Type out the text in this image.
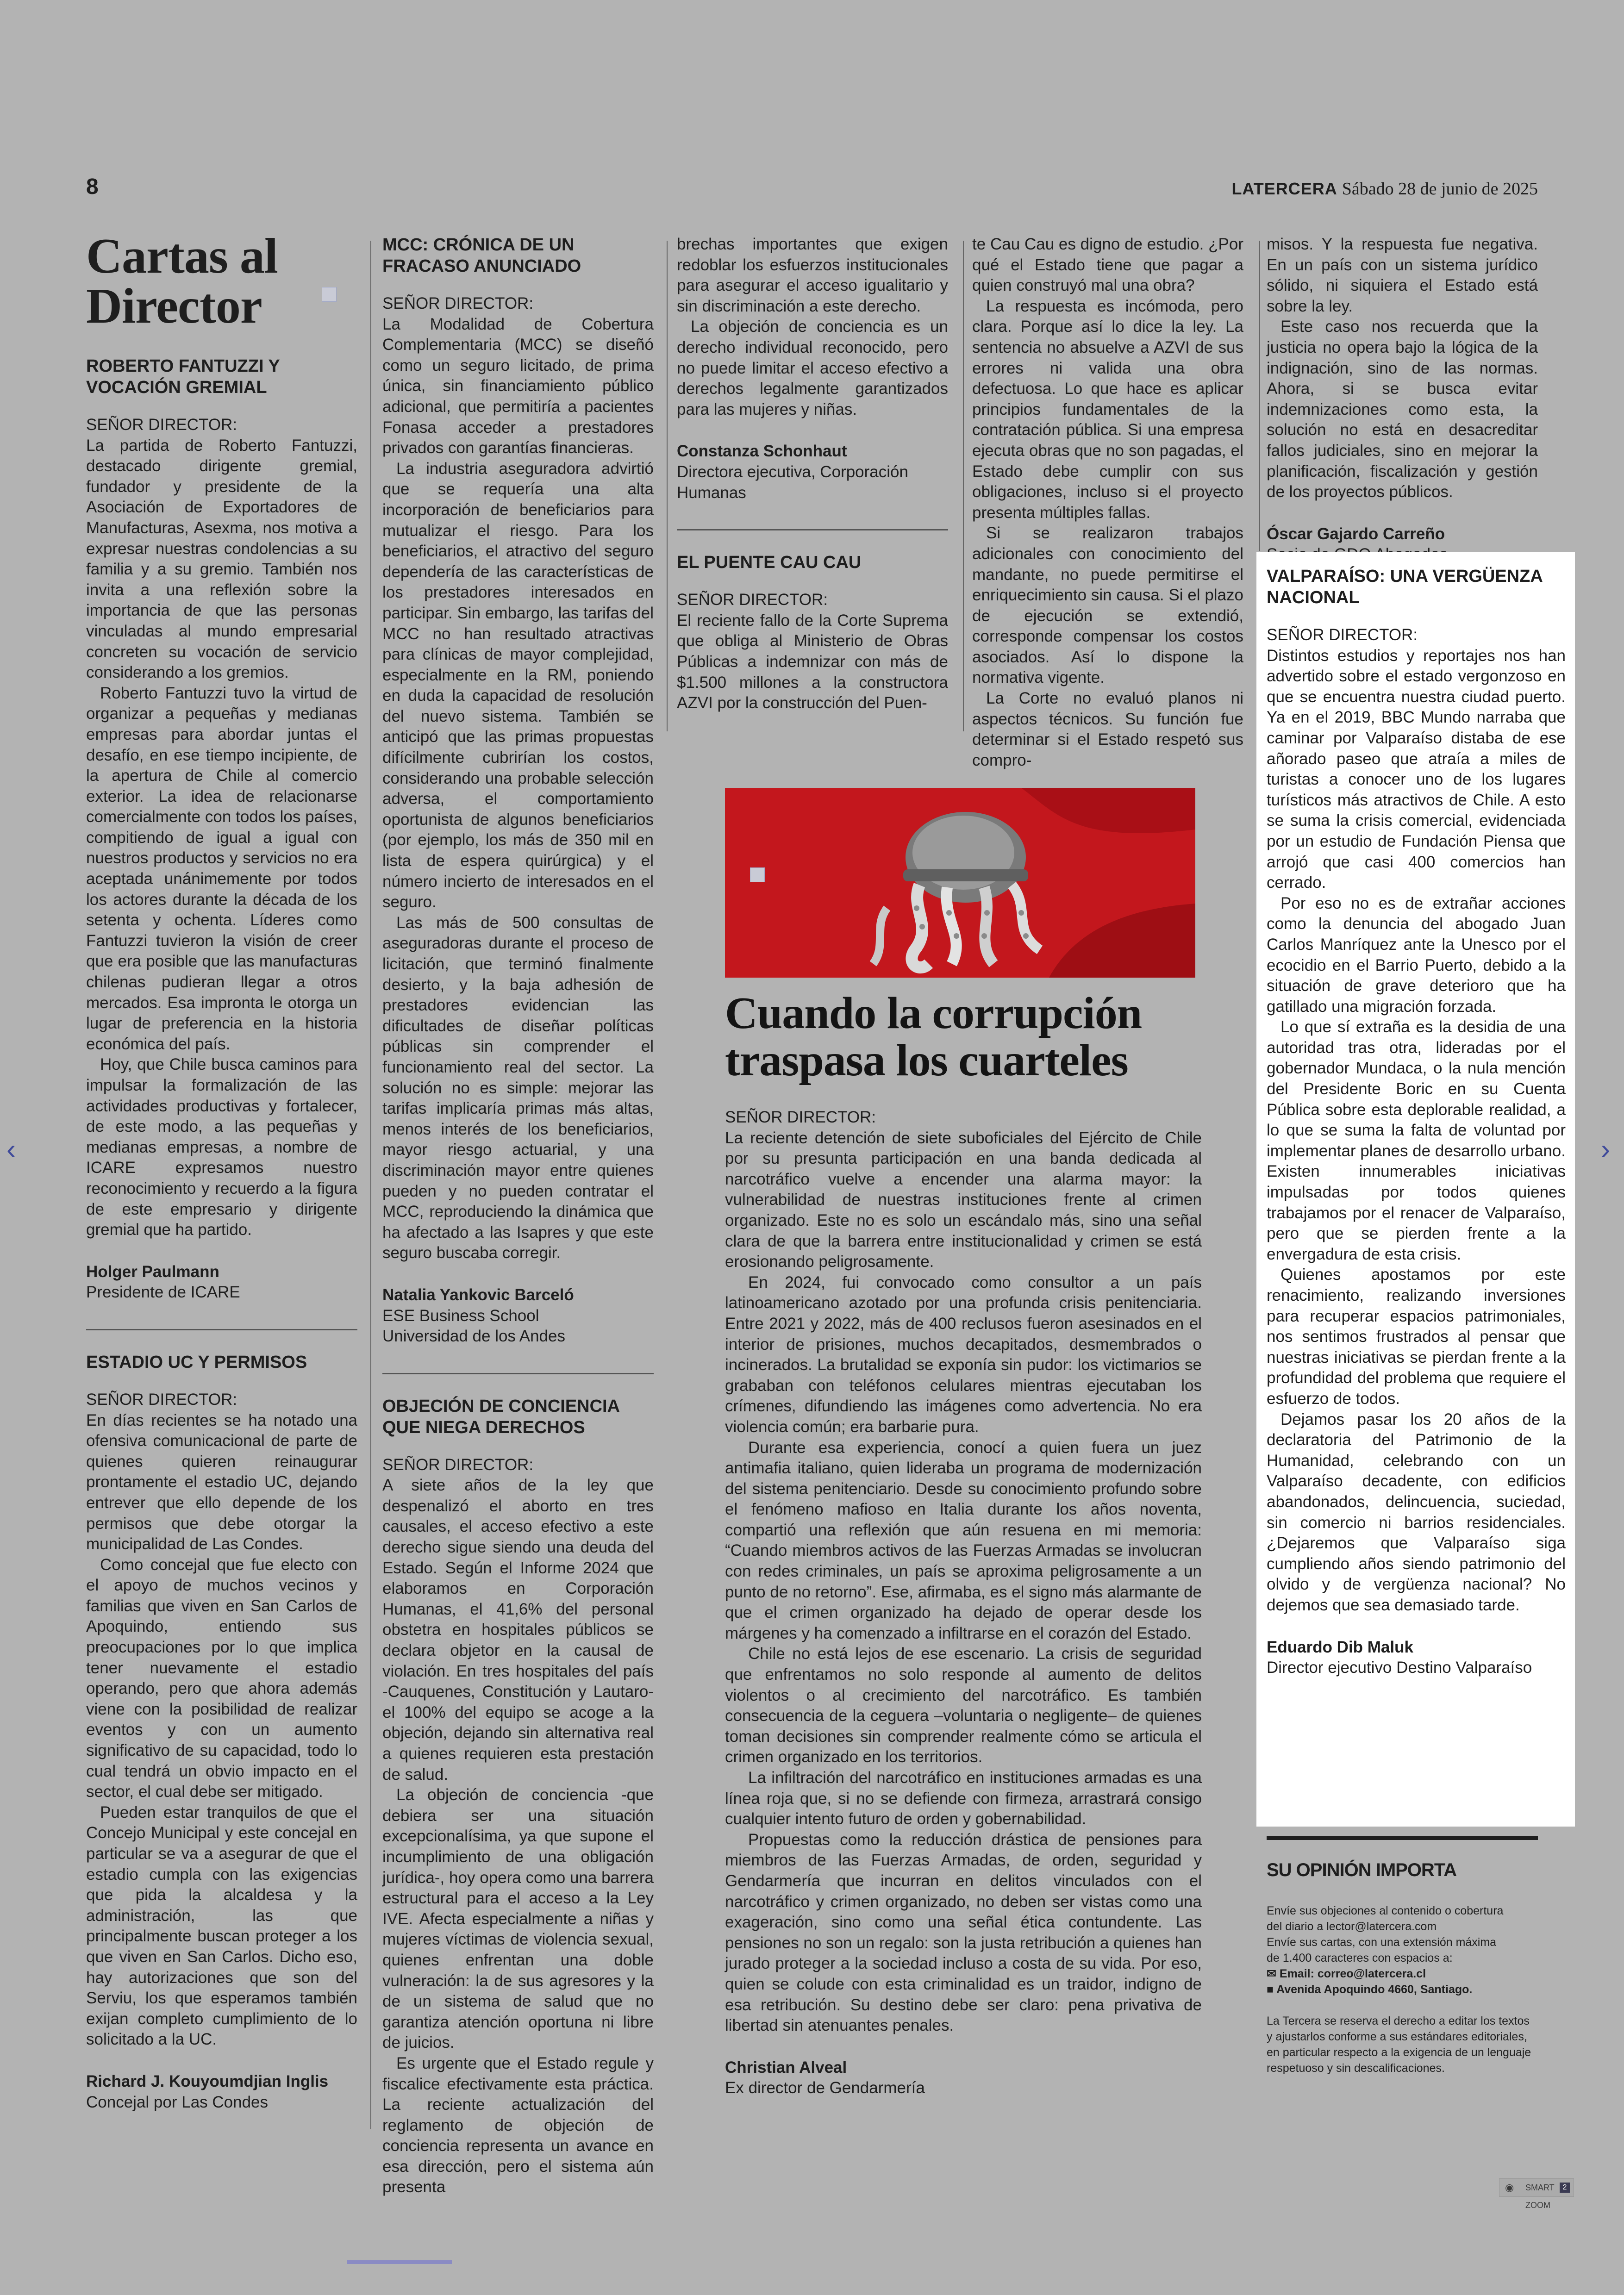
8	LATERCERA Sábado 28 de junio de 2025
Cartas al
Director
ROBERTO FANTUZZI Y VOCACIÓN GREMIAL

SEÑOR DIRECTOR:

La partida de Roberto Fantuzzi, destacado dirigente gremial, fundador y presidente de la Asociación de Exportadores de Manufacturas, Asexma, nos motiva a expresar nuestras condolencias a su familia y a su gremio. También nos invita a una reflexión sobre la importancia de que las personas vinculadas al mundo empresarial concreten su vocación de servicio considerando a los gremios.

Roberto Fantuzzi tuvo la virtud de organizar a pequeñas y medianas empresas para abordar juntas el desafío, en ese tiempo incipiente, de la apertura de Chile al comercio exterior. La idea de relacionarse comercialmente con todos los países, compitiendo de igual a igual con nuestros productos y servicios no era aceptada unánimemente por todos los actores durante la década de los setenta y ochenta. Líderes como Fantuzzi tuvieron la visión de creer que era posible que las manufacturas chilenas pudieran llegar a otros mercados. Esa impronta le otorga un lugar de preferencia en la historia económica del país.

Hoy, que Chile busca caminos para impulsar la formalización de las actividades productivas y fortalecer, de este modo, a las pequeñas y medianas empresas, a nombre de ICARE expresamos nuestro reconocimiento y recuerdo a la figura de este empresario y dirigente gremial que ha partido.

Holger Paulmann
Presidente de ICARE
ESTADIO UC Y PERMISOS

SEÑOR DIRECTOR:

En días recientes se ha notado una ofensiva comunicacional de parte de quienes quieren reinaugurar prontamente el estadio UC, dejando entrever que ello depende de los permisos que debe otorgar la municipalidad de Las Condes.

Como concejal que fue electo con el apoyo de muchos vecinos y familias que viven en San Carlos de Apoquindo, entiendo sus preocupaciones por lo que implica tener nuevamente el estadio operando, pero que ahora además viene con la posibilidad de realizar eventos y con un aumento significativo de su capacidad, todo lo cual tendrá un obvio impacto en el sector, el cual debe ser mitigado.

Pueden estar tranquilos de que el Concejo Municipal y este concejal en particular se va a asegurar de que el estadio cumpla con las exigencias que pida la alcaldesa y la administración, las que principalmente buscan proteger a los que viven en San Carlos. Dicho eso, hay autorizaciones que son del Serviu, los que esperamos también exijan completo cumplimiento de lo solicitado a la UC.

Richard J. Kouyoumdjian Inglis
Concejal por Las Condes
MCC: CRÓNICA DE UN FRACASO ANUNCIADO

SEÑOR DIRECTOR:

La Modalidad de Cobertura Complementaria (MCC) se diseñó como un seguro licitado, de prima única, sin financiamiento público adicional, que permitiría a pacientes Fonasa acceder a prestadores privados con garantías financieras.

La industria aseguradora advirtió que se requería una alta incorporación de beneficiarios para mutualizar el riesgo. Para los beneficiarios, el atractivo del seguro dependería de las características de los prestadores interesados en participar. Sin embargo, las tarifas del MCC no han resultado atractivas para clínicas de mayor complejidad, especialmente en la RM, poniendo en duda la capacidad de resolución del nuevo sistema. También se anticipó que las primas propuestas difícilmente cubrirían los costos, considerando una probable selección adversa, el comportamiento oportunista de algunos beneficiarios (por ejemplo, los más de 350 mil en lista de espera quirúrgica) y el número incierto de interesados en el seguro.

Las más de 500 consultas de aseguradoras durante el proceso de licitación, que terminó finalmente desierto, y la baja adhesión de prestadores evidencian las dificultades de diseñar políticas públicas sin comprender el funcionamiento real del sector. La solución no es simple: mejorar las tarifas implicaría primas más altas, menos interés de los beneficiarios, mayor riesgo actuarial, y una discriminación mayor entre quienes pueden y no pueden contratar el MCC, reproduciendo la dinámica que ha afectado a las Isapres y que este seguro buscaba corregir.

Natalia Yankovic Barceló
ESE Business School
Universidad de los Andes
OBJECIÓN DE CONCIENCIA QUE NIEGA DERECHOS

SEÑOR DIRECTOR:

A siete años de la ley que despenalizó el aborto en tres causales, el acceso efectivo a este derecho sigue siendo una deuda del Estado. Según el Informe 2024 que elaboramos en Corporación Humanas, el 41,6% del personal obstetra en hospitales públicos se declara objetor en la causal de violación. En tres hospitales del país -Cauquenes, Constitución y Lautaro- el 100% del equipo se acoge a la objeción, dejando sin alternativa real a quienes requieren esta prestación de salud.

La objeción de conciencia -que debiera ser una situación excepcionalísima, ya que supone el incumplimiento de una obligación jurídica-, hoy opera como una barrera estructural para el acceso a la Ley IVE. Afecta especialmente a niñas y mujeres víctimas de violencia sexual, quienes enfrentan una doble vulneración: la de sus agresores y la de un sistema de salud que no garantiza atención oportuna ni libre de juicios.

Es urgente que el Estado regule y fiscalice efectivamente esta práctica. La reciente actualización del reglamento de objeción de conciencia representa un avance en esa dirección, pero el sistema aún presenta

brechas importantes que exigen redoblar los esfuerzos institucionales para asegurar el acceso igualitario y sin discriminación a este derecho.

La objeción de conciencia es un derecho individual reconocido, pero no puede limitar el acceso efectivo a derechos legalmente garantizados para las mujeres y niñas.

Constanza Schonhaut
Directora ejecutiva, Corporación Humanas
EL PUENTE CAU CAU

SEÑOR DIRECTOR:

El reciente fallo de la Corte Suprema que obliga al Ministerio de Obras Públicas a indemnizar con más de $1.500 millones a la constructora AZVI por la construcción del Puen-

te Cau Cau es digno de estudio. ¿Por qué el Estado tiene que pagar a quien construyó mal una obra?

La respuesta es incómoda, pero clara. Porque así lo dice la ley. La sentencia no absuelve a AZVI de sus errores ni valida una obra defectuosa. Lo que hace es aplicar principios fundamentales de la contratación pública. Si una empresa ejecuta obras que no son pagadas, el Estado debe cumplir con sus obligaciones, incluso si el proyecto presenta múltiples fallas.

Si se realizaron trabajos adicionales con conocimiento del mandante, no puede permitirse el enriquecimiento sin causa. Si el plazo de ejecución se extendió, corresponde compensar los costos asociados. Así lo dispone la normativa vigente.

La Corte no evaluó planos ni aspectos técnicos. Su función fue determinar si el Estado respetó sus compro-

misos. Y la respuesta fue negativa. En un país con un sistema jurídico sólido, ni siquiera el Estado está sobre la ley.

Este caso nos recuerda que la justicia no opera bajo la lógica de la indignación, sino de las normas. Ahora, si se busca evitar indemnizaciones como esta, la solución no está en desacreditar fallos judiciales, sino en mejorar la planificación, fiscalización y gestión de los proyectos públicos.

Óscar Gajardo Carreño
Cuando la corrupción
traspasa los cuarteles

SEÑOR DIRECTOR:

La reciente detención de siete suboficiales del Ejército de Chile por su presunta participación en una banda dedicada al narcotráfico vuelve a encender una alarma mayor: la vulnerabilidad de nuestras instituciones frente al crimen organizado. Este no es solo un escándalo más, sino una señal clara de que la barrera entre institucionalidad y crimen se está erosionando peligrosamente.

En 2024, fui convocado como consultor a un país latinoamericano azotado por una profunda crisis penitenciaria. Entre 2021 y 2022, más de 400 reclusos fueron asesinados en el interior de prisiones, muchos decapitados, desmembrados o incinerados. La brutalidad se exponía sin pudor: los victimarios se grababan con teléfonos celulares mientras ejecutaban los crímenes, difundiendo las imágenes como advertencia. No era violencia común; era barbarie pura.

Durante esa experiencia, conocí a quien fuera un juez antimafia italiano, quien lideraba un programa de modernización del sistema penitenciario. Desde su conocimiento profundo sobre el fenómeno mafioso en Italia durante los años noventa, compartió una reflexión que aún resuena en mi memoria: “Cuando miembros activos de las Fuerzas Armadas se involucran con redes criminales, un país se aproxima peligrosamente a un punto de no retorno”. Ese, afirmaba, es el signo más alarmante de que el crimen organizado ha dejado de operar desde los márgenes y ha comenzado a infiltrarse en el corazón del Estado.

Chile no está lejos de ese escenario. La crisis de seguridad que enfrentamos no solo responde al aumento de delitos violentos o al crecimiento del narcotráfico. Es también consecuencia de la ceguera –voluntaria o negligente– de quienes toman decisiones sin comprender realmente cómo se articula el crimen organizado en los territorios.

La infiltración del narcotráfico en instituciones armadas es una línea roja que, si no se defiende con firmeza, arrastrará consigo cualquier intento futuro de orden y gobernabilidad.

Propuestas como la reducción drástica de pensiones para miembros de las Fuerzas Armadas, de orden, seguridad y Gendarmería que incurran en delitos vinculados con el narcotráfico y crimen organizado, no deben ser vistas como una exageración, sino como una señal ética contundente. Las pensiones no son un regalo: son la justa retribución a quienes han jurado proteger a la sociedad incluso a costa de su vida. Por eso, quien se colude con esta criminalidad es un traidor, indigno de esa retribución. Su destino debe ser claro: pena privativa de libertad sin atenuantes penales.

Christian Alveal
Ex director de Gendarmería
VALPARAÍSO: UNA VERGÜENZA NACIONAL

SEÑOR DIRECTOR:

Distintos estudios y reportajes nos han advertido sobre el estado vergonzoso en que se encuentra nuestra ciudad puerto. Ya en el 2019, BBC Mundo narraba que caminar por Valparaíso distaba de ese añorado paseo que atraía a miles de turistas a conocer uno de los lugares turísticos más atractivos de Chile. A esto se suma la crisis comercial, evidenciada por un estudio de Fundación Piensa que arrojó que casi 400 comercios han cerrado.

Por eso no es de extrañar acciones como la denuncia del abogado Juan Carlos Manríquez ante la Unesco por el ecocidio en el Barrio Puerto, debido a la situación de grave deterioro que ha gatillado una migración forzada.

Lo que sí extraña es la desidia de una autoridad tras otra, lideradas por el gobernador Mundaca, o la nula mención del Presidente Boric en su Cuenta Pública sobre esta deplorable realidad, a lo que se suma la falta de voluntad por implementar planes de desarrollo urbano. Existen innumerables iniciativas impulsadas por todos quienes trabajamos por el renacer de Valparaíso, pero que se pierden frente a la envergadura de esta crisis.

Quienes apostamos por este renacimiento, realizando inversiones para recuperar espacios patrimoniales, nos sentimos frustrados al pensar que nuestras iniciativas se pierdan frente a la profundidad del problema que requiere el esfuerzo de todos.

Dejamos pasar los 20 años de la declaratoria del Patrimonio de la Humanidad, celebrando con un Valparaíso decadente, con edificios abandonados, delincuencia, suciedad, sin comercio ni barrios residenciales. ¿Dejaremos que Valparaíso siga cumpliendo años siendo patrimonio del olvido y de vergüenza nacional? No dejemos que sea demasiado tarde.

Eduardo Dib Maluk
Director ejecutivo Destino Valparaíso
SU OPINIÓN IMPORTA

Envíe sus objeciones al contenido o cobertura

del diario a lector@latercera.com

Envíe sus cartas, con una extensión máxima

de 1.400 caracteres con espacios a:

✉ Email: correo@latercera.cl

■ Avenida Apoquindo 4660, Santiago.

La Tercera se reserva el derecho a editar los textos

y ajustarlos conforme a sus estándares editoriales,

en particular respecto a la exigencia de un lenguaje

respetuoso y sin descalificaciones.

‹	›
◉ SMART ZOOM
2
